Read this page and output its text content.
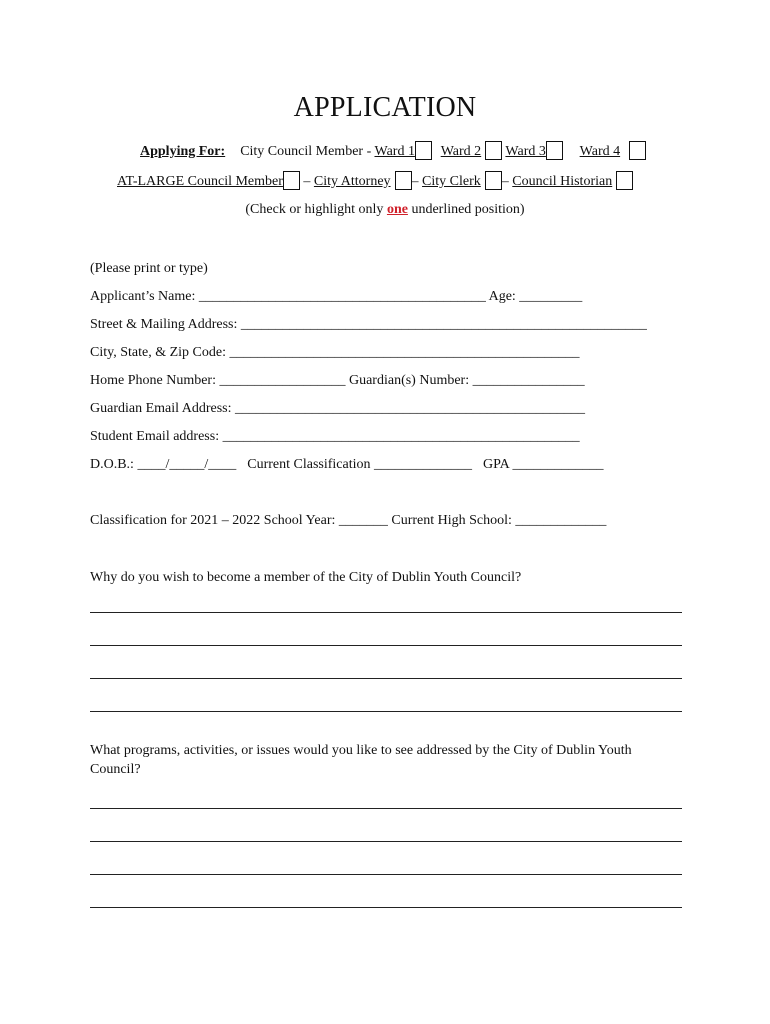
APPLICATION
Applying For: City Council Member - Ward 1 Ward 2 Ward 3 Ward 4
AT-LARGE Council Member – City Attorney – City Clerk – Council Historian
(Check or highlight only one underlined position)
(Please print or type)
Applicant’s Name: _________________________________________ Age: _________
Street & Mailing Address: __________________________________________________________
City, State, & Zip Code: __________________________________________________
Home Phone Number: __________________ Guardian(s) Number: ________________
Guardian Email Address: __________________________________________________
Student Email address: ___________________________________________________
D.O.B.: ____/_____/____ Current Classification ______________ GPA _____________
Classification for 2021 – 2022 School Year: _______ Current High School: _____________
Why do you wish to become a member of the City of Dublin Youth Council?
What programs, activities, or issues would you like to see addressed by the City of Dublin Youth
Council?
